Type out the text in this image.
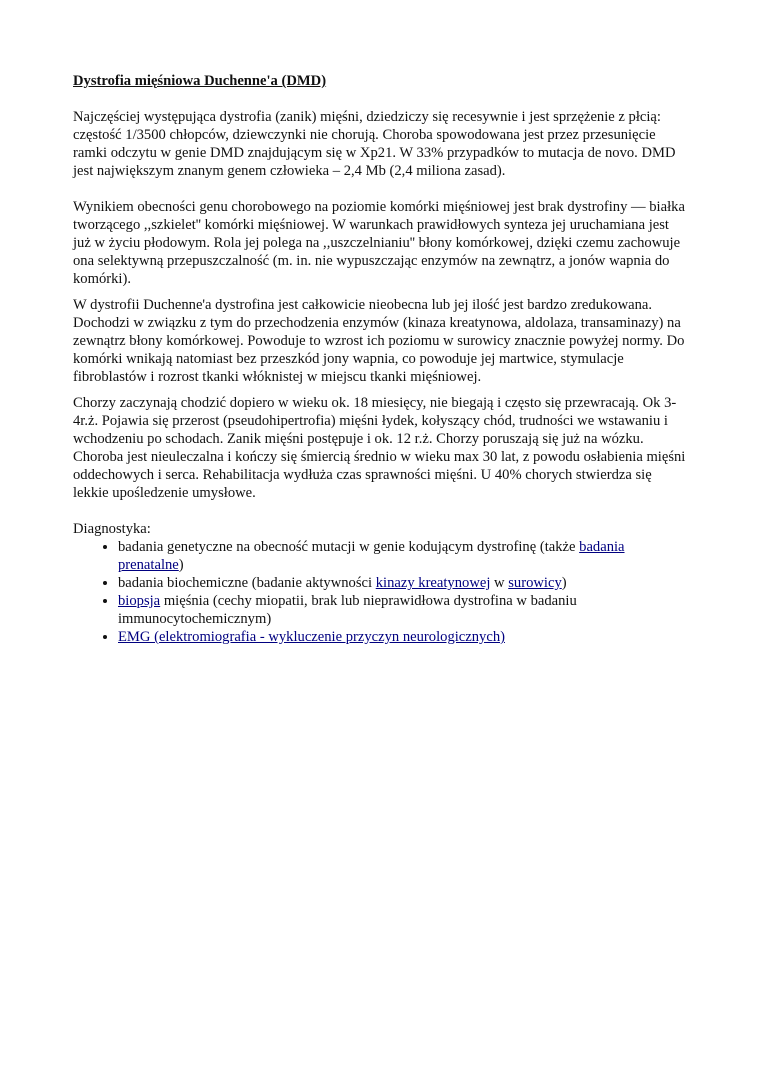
Dystrofia mięśniowa Duchenne'a (DMD)

Najczęściej występująca dystrofia (zanik) mięśni, dziedziczy się recesywnie i jest sprzężenie z płcią: częstość 1/3500 chłopców, dziewczynki nie chorują. Choroba spowodowana jest przez przesunięcie ramki odczytu w genie DMD znajdującym się w Xp21. W 33% przypadków to mutacja de novo. DMD jest największym znanym genem człowieka – 2,4 Mb (2,4 miliona zasad).

Wynikiem obecności genu chorobowego na poziomie komórki mięśniowej jest brak dystrofiny — białka tworzącego ,,szkielet'' komórki mięśniowej. W warunkach prawidłowych synteza jej uruchamiana jest już w życiu płodowym. Rola jej polega na ,,uszczelnianiu'' błony komórkowej, dzięki czemu zachowuje ona selektywną przepuszczalność (m. in. nie wypuszczając enzymów na zewnątrz, a jonów wapnia do komórki).

W dystrofii Duchenne'a dystrofina jest całkowicie nieobecna lub jej ilość jest bardzo zredukowana. Dochodzi w związku z tym do przechodzenia enzymów (kinaza kreatynowa, aldolaza, transaminazy) na zewnątrz błony komórkowej. Powoduje to wzrost ich poziomu w surowicy znacznie powyżej normy. Do komórki wnikają natomiast bez przeszkód jony wapnia, co powoduje jej martwice, stymulacje fibroblastów i rozrost tkanki włóknistej w miejscu tkanki mięśniowej.

Chorzy zaczynają chodzić dopiero w wieku ok. 18 miesięcy, nie biegają i często się przewracają. Ok 3-4r.ż. Pojawia się przerost (pseudohipertrofia) mięśni łydek, kołyszący chód, trudności we wstawaniu i wchodzeniu po schodach. Zanik mięśni postępuje i ok. 12 r.ż. Chorzy poruszają się już na wózku. Choroba jest nieuleczalna i kończy się śmiercią średnio w wieku max 30 lat, z powodu osłabienia mięśni oddechowych i serca. Rehabilitacja wydłuża czas sprawności mięśni. U 40% chorych stwierdza się lekkie upośledzenie umysłowe.

Diagnostyka:

• badania genetyczne na obecność mutacji w genie kodującym dystrofinę (także badania prenatalne)
• badania biochemiczne (badanie aktywności kinazy kreatynowej w surowicy)
• biopsja mięśnia (cechy miopatii, brak lub nieprawidłowa dystrofina w badaniu immunocytochemicznym)
• EMG (elektromiografia - wykluczenie przyczyn neurologicznych)
